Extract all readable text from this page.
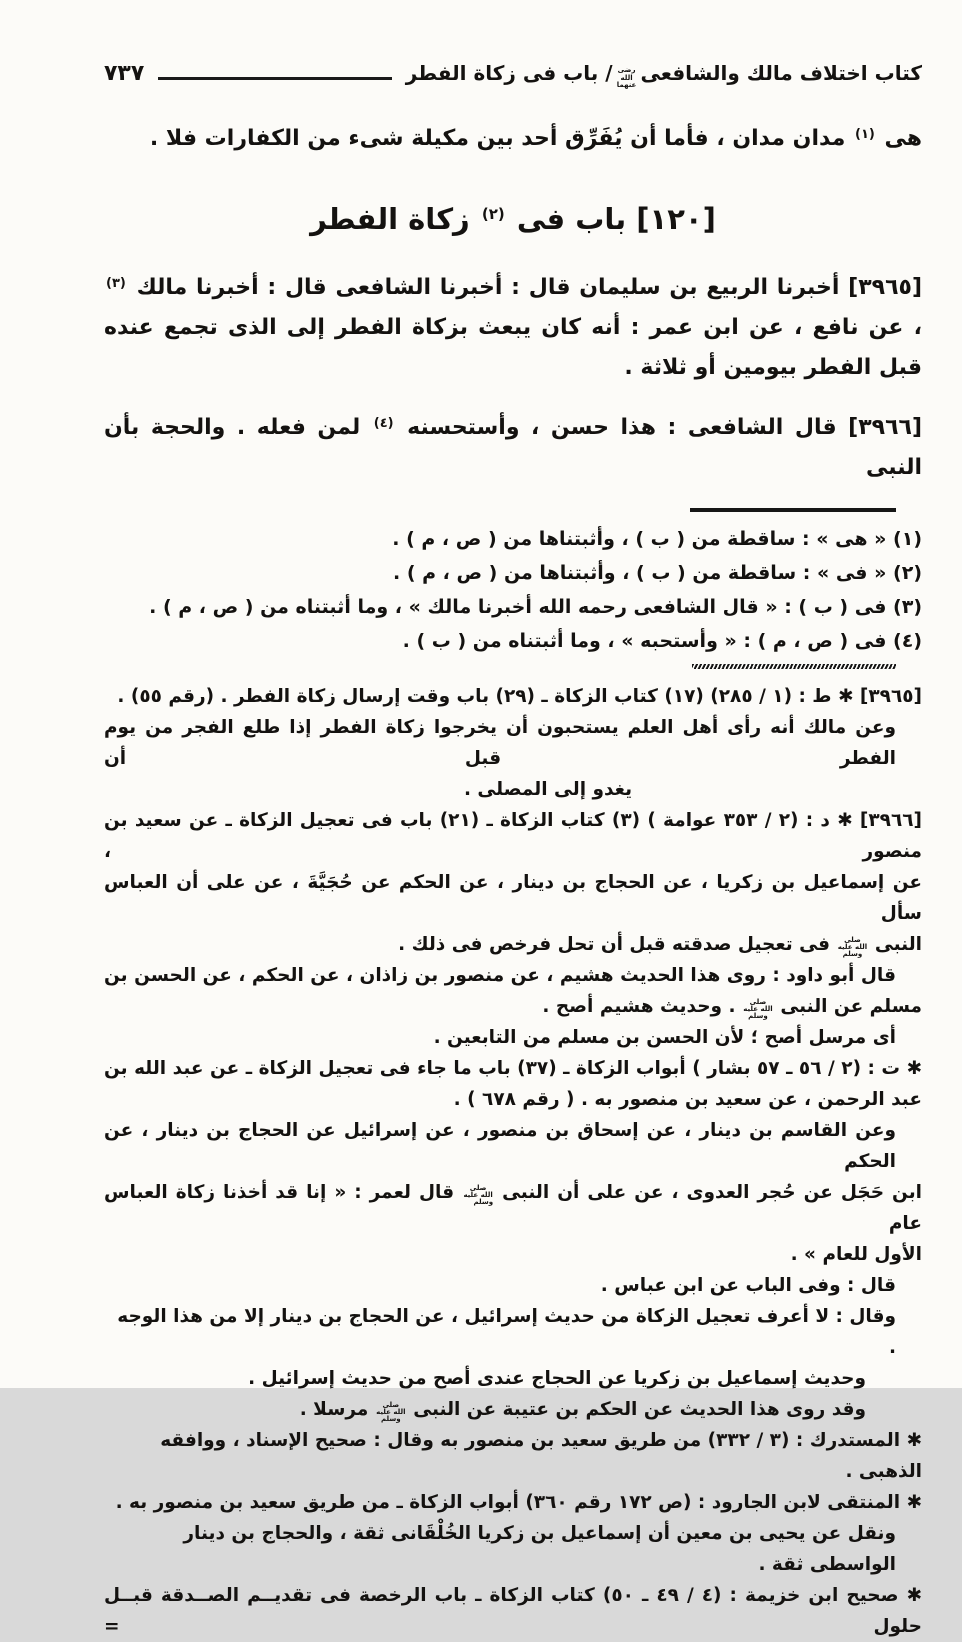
كتاب اختلاف مالك والشافعىرضى الله عنهما/ باب فى زكاة الفطر
٧٣٧
هى $^{(١)}$ مدان مدان ، فأما أن يُفَرِّق أحد بين مكيلة شىء من الكفارات فلا .
[١٢٠] باب فى $^{(٢)}$ زكاة الفطر
[٣٩٦٥] أخبرنا الربيع بن سليمان قال : أخبرنا الشافعى قال : أخبرنا مالك $^{(٣)}$ ، عن نافع ، عن ابن عمر : أنه كان يبعث بزكاة الفطر إلى الذى تجمع عنده قبل الفطر بيومين أو ثلاثة .
[٣٩٦٦] قال الشافعى : هذا حسن ، وأستحسنه $^{(٤)}$ لمن فعله . والحجة بأن النبى
(١) « هى » : ساقطة من ( ب ) ، وأثبتناها من ( ص ، م ) .
(٢) « فى » : ساقطة من ( ب ) ، وأثبتناها من ( ص ، م ) .
(٣) فى ( ب ) : « قال الشافعى رحمه الله أخبرنا مالك » ، وما أثبتناه من ( ص ، م ) .
(٤) فى ( ص ، م ) : « وأستحبه » ، وما أثبتناه من ( ب ) .
[٣٩٦٥] ✱ ط : (١ / ٢٨٥) (١٧) كتاب الزكاة ـ (٢٩) باب وقت إرسال زكاة الفطر . (رقم ٥٥) .
وعن مالك أنه رأى أهل العلم يستحبون أن يخرجوا زكاة الفطر إذا طلع الفجر من يوم الفطر قبل أن
يغدو إلى المصلى .
[٣٩٦٦] ✱ د : (٢ / ٣٥٣ عوامة ) (٣) كتاب الزكاة ـ (٢١) باب فى تعجيل الزكاة ـ عن سعيد بن منصور ،
عن إسماعيل بن زكريا ، عن الحجاج بن دينار ، عن الحكم عن حُجَيَّةَ ، عن على أن العباس سأل
النبى صلى الله عليه وسلم فى تعجيل صدقته قبل أن تحل فرخص فى ذلك .
قال أبو داود : روى هذا الحديث هشيم ، عن منصور بن زاذان ، عن الحكم ، عن الحسن بن
مسلم عن النبى صلى الله عليه وسلم . وحديث هشيم أصح .
أى مرسل أصح ؛ لأن الحسن بن مسلم من التابعين .
✱ ت : (٢ / ٥٦ ـ ٥٧ بشار ) أبواب الزكاة ـ (٣٧) باب ما جاء فى تعجيل الزكاة ـ عن عبد الله بن
عبد الرحمن ، عن سعيد بن منصور به . ( رقم ٦٧٨ ) .
وعن القاسم بن دينار ، عن إسحاق بن منصور ، عن إسرائيل عن الحجاج بن دينار ، عن الحكم
ابن حَجَل عن حُجر العدوى ، عن على أن النبى صلى الله عليه وسلم قال لعمر : « إنا قد أخذنا زكاة العباس عام
الأول للعام » .
قال : وفى الباب عن ابن عباس .
وقال : لا أعرف تعجيل الزكاة من حديث إسرائيل ، عن الحجاج بن دينار إلا من هذا الوجه .
وحديث إسماعيل بن زكريا عن الحجاج عندى أصح من حديث إسرائيل .
وقد روى هذا الحديث عن الحكم بن عتيبة عن النبى صلى الله عليه وسلم مرسلا .
✱ المستدرك : (٣ / ٣٣٢) من طريق سعيد بن منصور به وقال : صحيح الإسناد ، ووافقه الذهبى .
✱ المنتقى لابن الجارود : (ص ١٧٢ رقم ٣٦٠) أبواب الزكاة ـ من طريق سعيد بن منصور به .
ونقل عن يحيى بن معين أن إسماعيل بن زكريا الخُلْقَانى ثقة ، والحجاج بن دينار الواسطى ثقة .
✱ صحيح ابن خزيمة : (٤ / ٤٩ ـ ٥٠) كتاب الزكاة ـ باب الرخصة فى تقديــم الصــدقة قبــل حلول =
